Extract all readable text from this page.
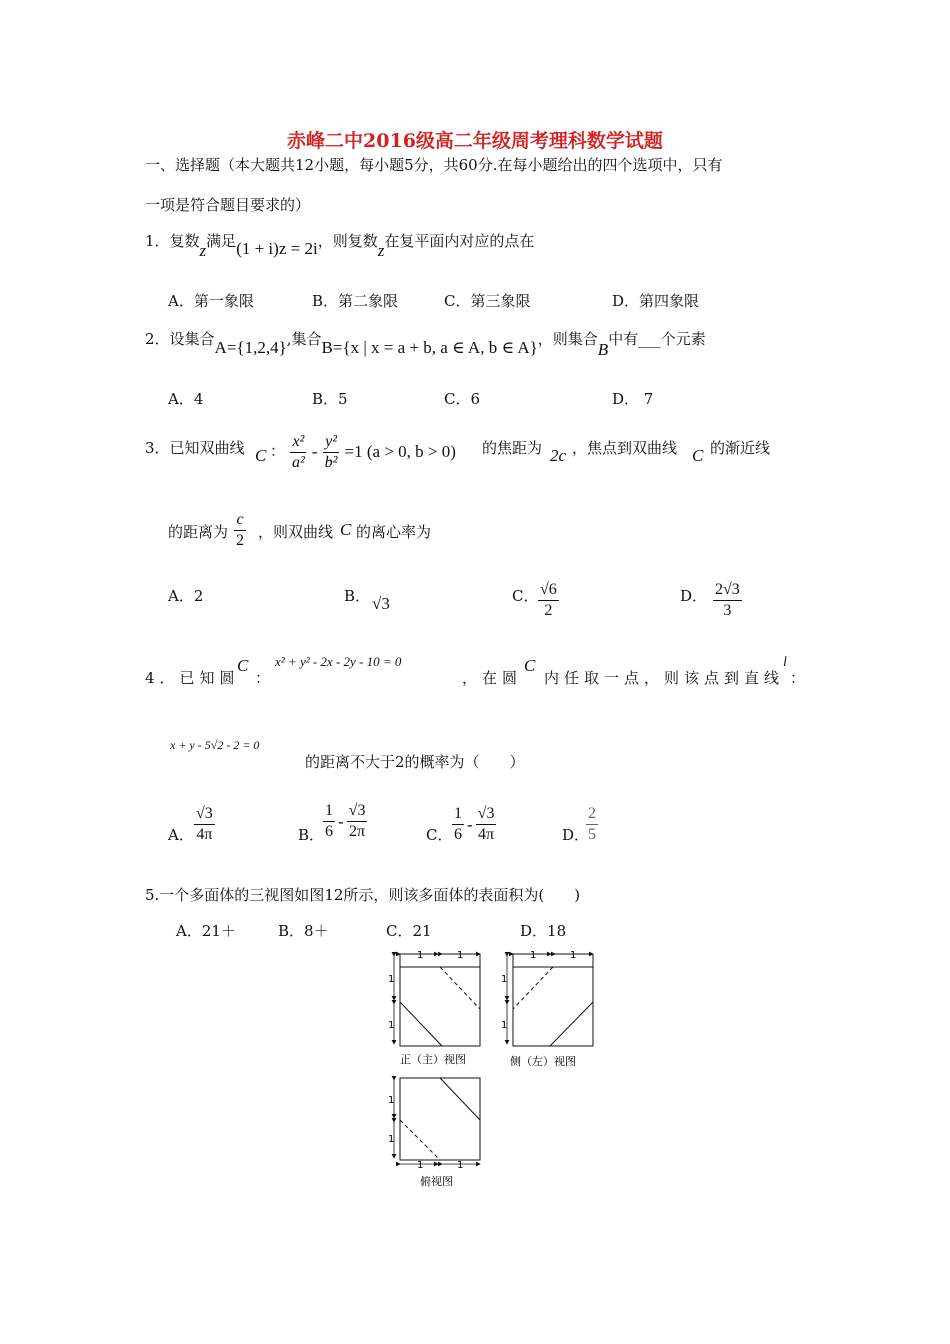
赤峰二中2016级高二年级周考理科数学试题
一、选择题（本大题共12小题，每小题5分，共60分.在每小题给出的四个选项中，只有
一项是符合题目要求的）
1．复数z满足(1 + i)z = 2i，则复数z在复平面内对应的点在
A．第一象限	B．第二象限	C．第三象限	D．第四象限
2．设集合A={1,2,4},集合B={x | x = a + b, a ∈ A, b ∈ A}，则集合B中有___个元素
A．4	B．5	C．6	D． 7
3．已知双曲线 C ： $\frac{\text{x²}}{\text{a²}} - \frac{\text{y²}}{\text{b²}} =1$ (a > 0, b > 0) 的焦距为 2c ，焦点到双曲线 C 的渐近线
的距离为 $\frac{c}{2}$ ，则双曲线 C 的离心率为
A．2	B． √3	C． $\frac{√6}{2}$	D． $\frac{2√3}{3}$
4．已知圆
C
：
x² + y² - 2x - 2y - 10 = 0
，在圆
C
内任取一点，则该点到直线
l
：
x + y - 5√2 - 2 = 0
的距离不大于2的概率为（　　）
A． $\frac{√3}{4\pi}$	B．
$\frac{1}{6} - \frac{√3}{2\pi}$	C． $\frac{1}{6} - \frac{√3}{4\pi}$	D．
$\frac{2}{5}$
5.一个多面体的三视图如图12所示，则该多面体的表面积为(　　)
A．21＋	B．8＋	C．21	D．18
1	1
1
1
正（主）视图
1	1
1
1
侧（左）视图
1	1
1
1
俯视图
